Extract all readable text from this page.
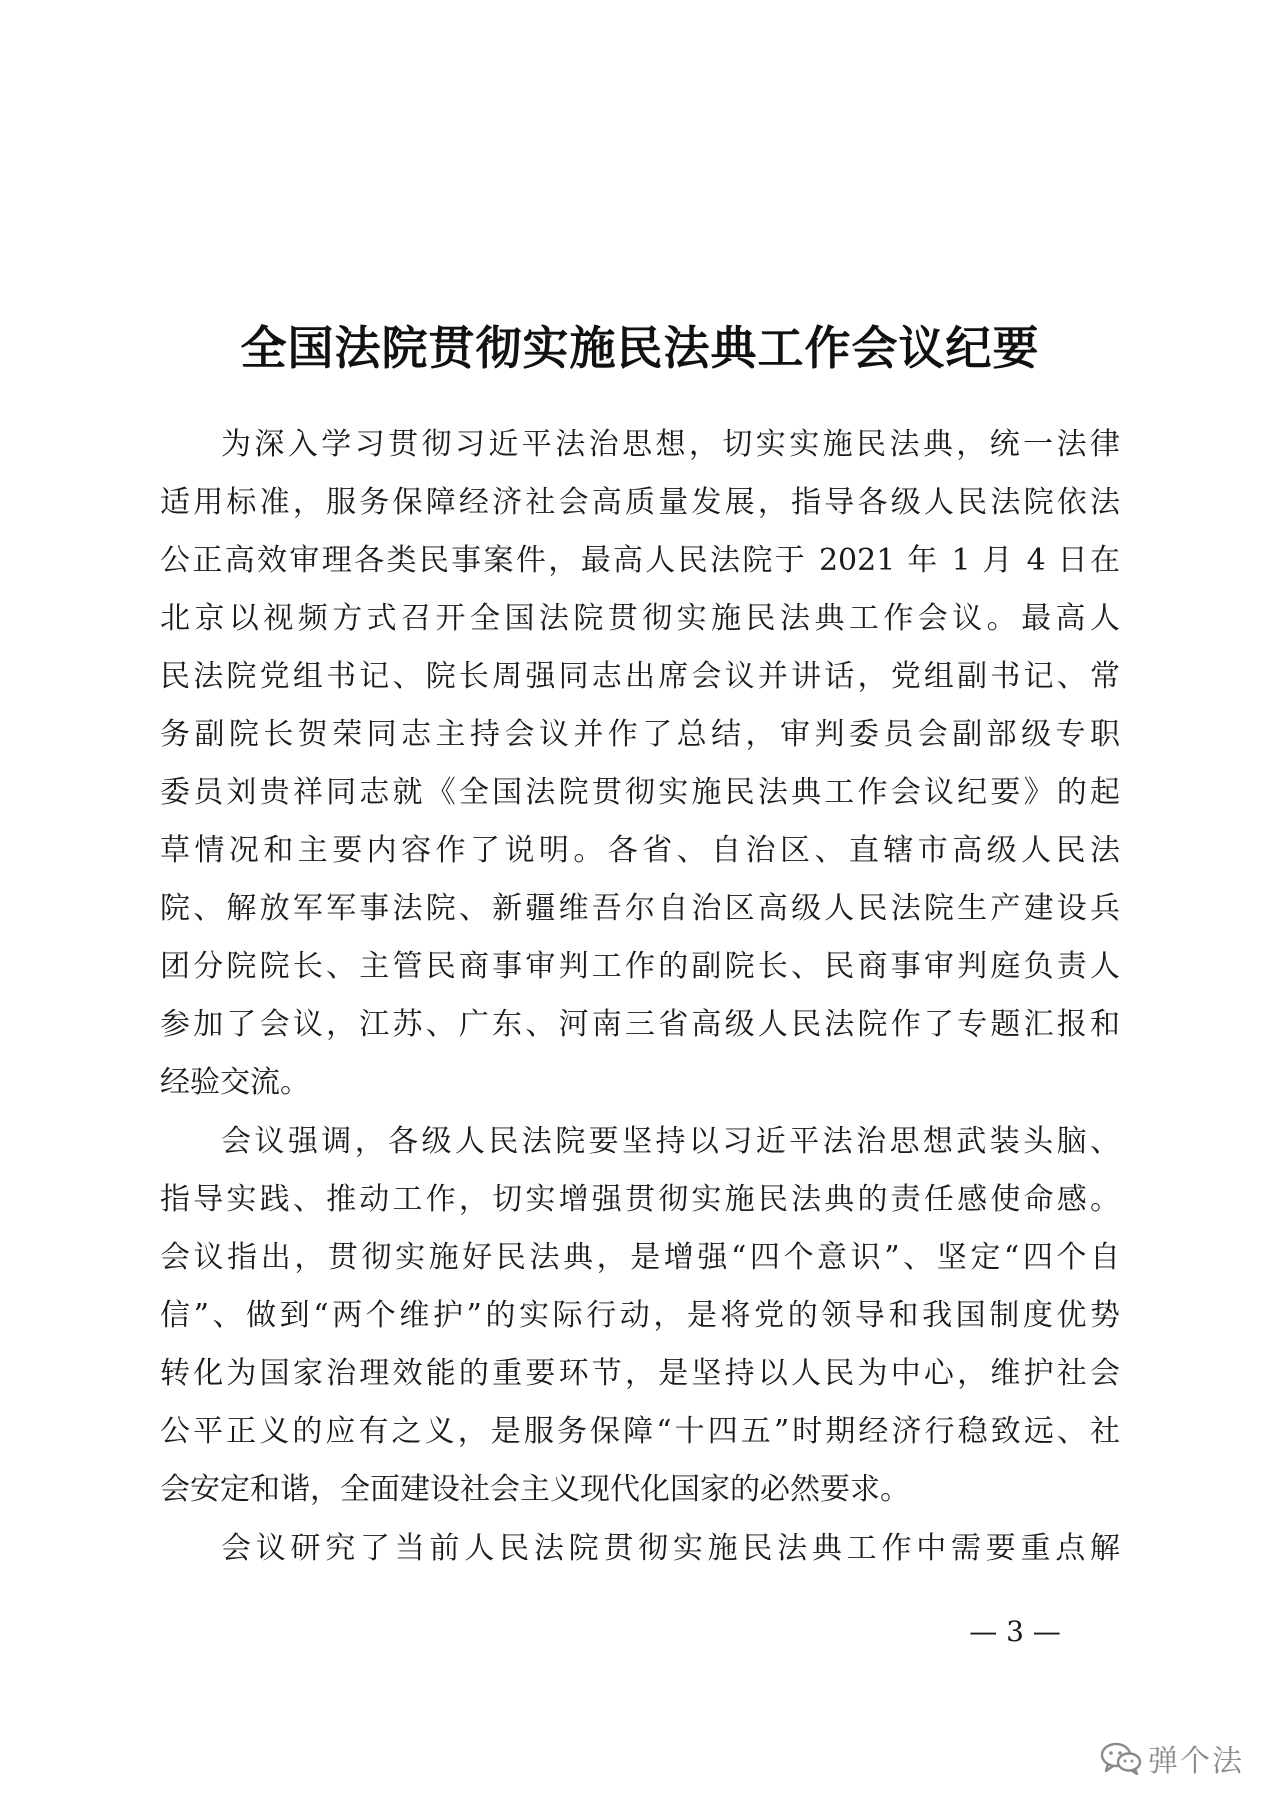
全国法院贯彻实施民法典工作会议纪要
为深入学习贯彻习近平法治思想，切实实施民法典，统一法律
适用标准，服务保障经济社会高质量发展，指导各级人民法院依法
公正高效审理各类民事案件，最高人民法院于 2021 年 1 月 4 日在
北京以视频方式召开全国法院贯彻实施民法典工作会议。最高人
民法院党组书记、院长周强同志出席会议并讲话，党组副书记、常
务副院长贺荣同志主持会议并作了总结，审判委员会副部级专职
委员刘贵祥同志就《全国法院贯彻实施民法典工作会议纪要》的起
草情况和主要内容作了说明。各省、自治区、直辖市高级人民法
院、解放军军事法院、新疆维吾尔自治区高级人民法院生产建设兵
团分院院长、主管民商事审判工作的副院长、民商事审判庭负责人
参加了会议，江苏、广东、河南三省高级人民法院作了专题汇报和
经验交流。
会议强调，各级人民法院要坚持以习近平法治思想武装头脑、
指导实践、推动工作，切实增强贯彻实施民法典的责任感使命感。
会议指出，贯彻实施好民法典，是增强“四个意识”、坚定“四个自
信”、做到“两个维护”的实际行动，是将党的领导和我国制度优势
转化为国家治理效能的重要环节，是坚持以人民为中心，维护社会
公平正义的应有之义，是服务保障“十四五”时期经济行稳致远、社
会安定和谐，全面建设社会主义现代化国家的必然要求。
会议研究了当前人民法院贯彻实施民法典工作中需要重点解
— 3 —
弹个法
